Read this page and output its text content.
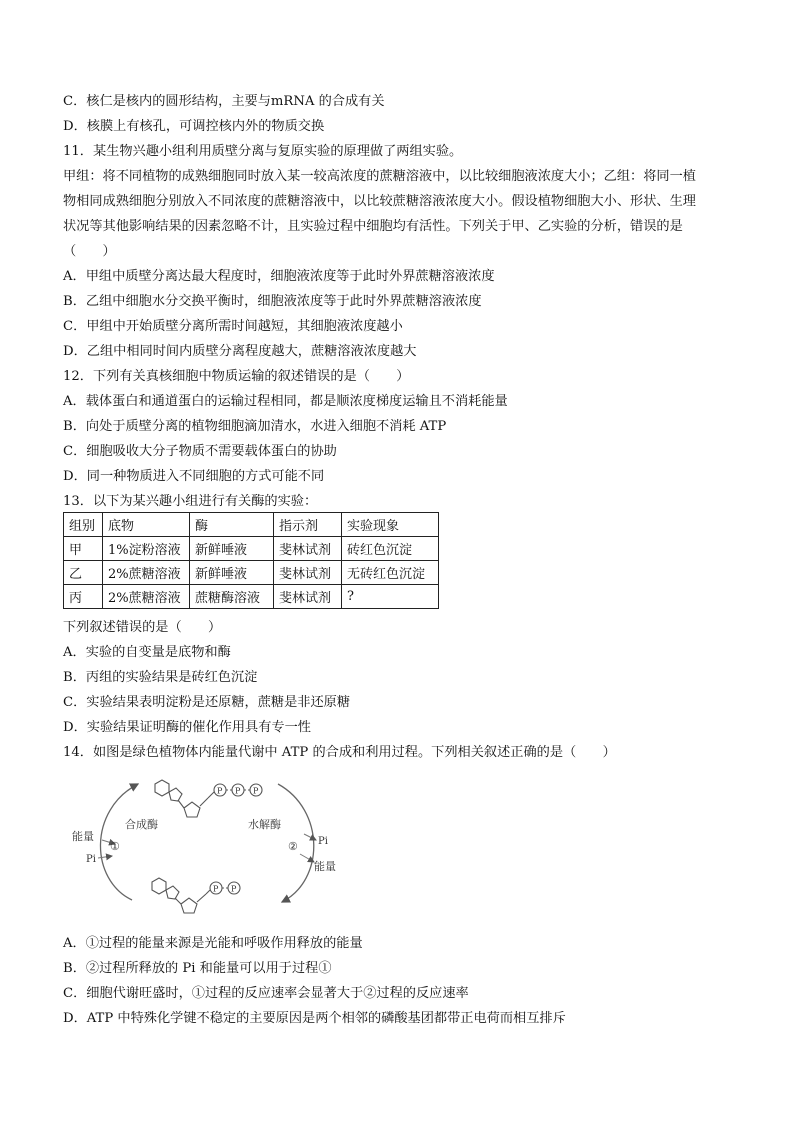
C．核仁是核内的圆形结构，主要与mRNA 的合成有关
D．核膜上有核孔，可调控核内外的物质交换
11．某生物兴趣小组利用质壁分离与复原实验的原理做了两组实验。
甲组：将不同植物的成熟细胞同时放入某一较高浓度的蔗糖溶液中，以比较细胞液浓度大小；乙组：将同一植
物相同成熟细胞分别放入不同浓度的蔗糖溶液中，以比较蔗糖溶液浓度大小。假设植物细胞大小、形状、生理
状况等其他影响结果的因素忽略不计，且实验过程中细胞均有活性。下列关于甲、乙实验的分析，错误的是
（　　）
A．甲组中质壁分离达最大程度时，细胞液浓度等于此时外界蔗糖溶液浓度
B．乙组中细胞水分交换平衡时，细胞液浓度等于此时外界蔗糖溶液浓度
C．甲组中开始质壁分离所需时间越短，其细胞液浓度越小
D．乙组中相同时间内质壁分离程度越大，蔗糖溶液浓度越大
12．下列有关真核细胞中物质运输的叙述错误的是（　　）
A．载体蛋白和通道蛋白的运输过程相同，都是顺浓度梯度运输且不消耗能量
B．向处于质壁分离的植物细胞滴加清水，水进入细胞不消耗 ATP
C．细胞吸收大分子物质不需要载体蛋白的协助
D．同一种物质进入不同细胞的方式可能不同
13．以下为某兴趣小组进行有关酶的实验：
组别	底物	酶	指示剂	实验现象
甲	1%淀粉溶液	新鲜唾液	斐林试剂	砖红色沉淀
乙	2%蔗糖溶液	新鲜唾液	斐林试剂	无砖红色沉淀
丙	2%蔗糖溶液	蔗糖酶溶液	斐林试剂	?
下列叙述错误的是（　　）
A．实验的自变量是底物和酶
B．丙组的实验结果是砖红色沉淀
C．实验结果表明淀粉是还原糖，蔗糖是非还原糖
D．实验结果证明酶的催化作用具有专一性
14．如图是绿色植物体内能量代谢中 ATP 的合成和利用过程。下列相关叙述正确的是（　　）
合成酶	水解酶
能量
Pi
①	② Pi
能量
P P P
P P
A．①过程的能量来源是光能和呼吸作用释放的能量
B．②过程所释放的 Pi 和能量可以用于过程①
C．细胞代谢旺盛时，①过程的反应速率会显著大于②过程的反应速率
D．ATP 中特殊化学键不稳定的主要原因是两个相邻的磷酸基团都带正电荷而相互排斥
